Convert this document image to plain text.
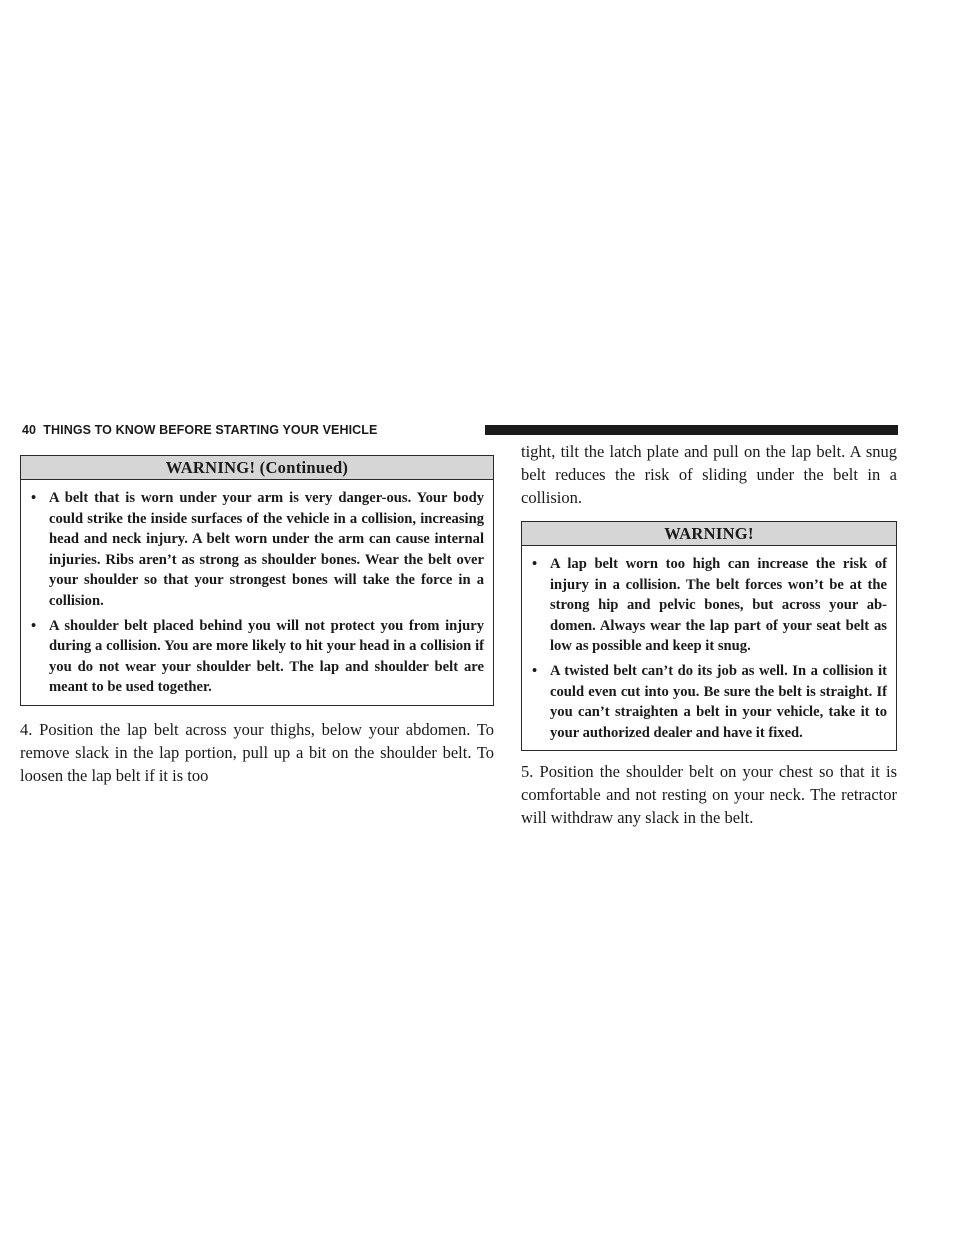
40 THINGS TO KNOW BEFORE STARTING YOUR VEHICLE
WARNING! (Continued)
• A belt that is worn under your arm is very danger-ous. Your body could strike the inside surfaces of the vehicle in a collision, increasing head and neck injury. A belt worn under the arm can cause internal injuries. Ribs aren’t as strong as shoulder bones. Wear the belt over your shoulder so that your strongest bones will take the force in a collision.
• A shoulder belt placed behind you will not protect you from injury during a collision. You are more likely to hit your head in a collision if you do not wear your shoulder belt. The lap and shoulder belt are meant to be used together.

4. Position the lap belt across your thighs, below your abdomen. To remove slack in the lap portion, pull up a bit on the shoulder belt. To loosen the lap belt if it is too

tight, tilt the latch plate and pull on the lap belt. A snug belt reduces the risk of sliding under the belt in a collision.

WARNING!
• A lap belt worn too high can increase the risk of injury in a collision. The belt forces won’t be at the strong hip and pelvic bones, but across your ab-domen. Always wear the lap part of your seat belt as low as possible and keep it snug.
• A twisted belt can’t do its job as well. In a collision it could even cut into you. Be sure the belt is straight. If you can’t straighten a belt in your vehicle, take it to your authorized dealer and have it fixed.

5. Position the shoulder belt on your chest so that it is comfortable and not resting on your neck. The retractor will withdraw any slack in the belt.
